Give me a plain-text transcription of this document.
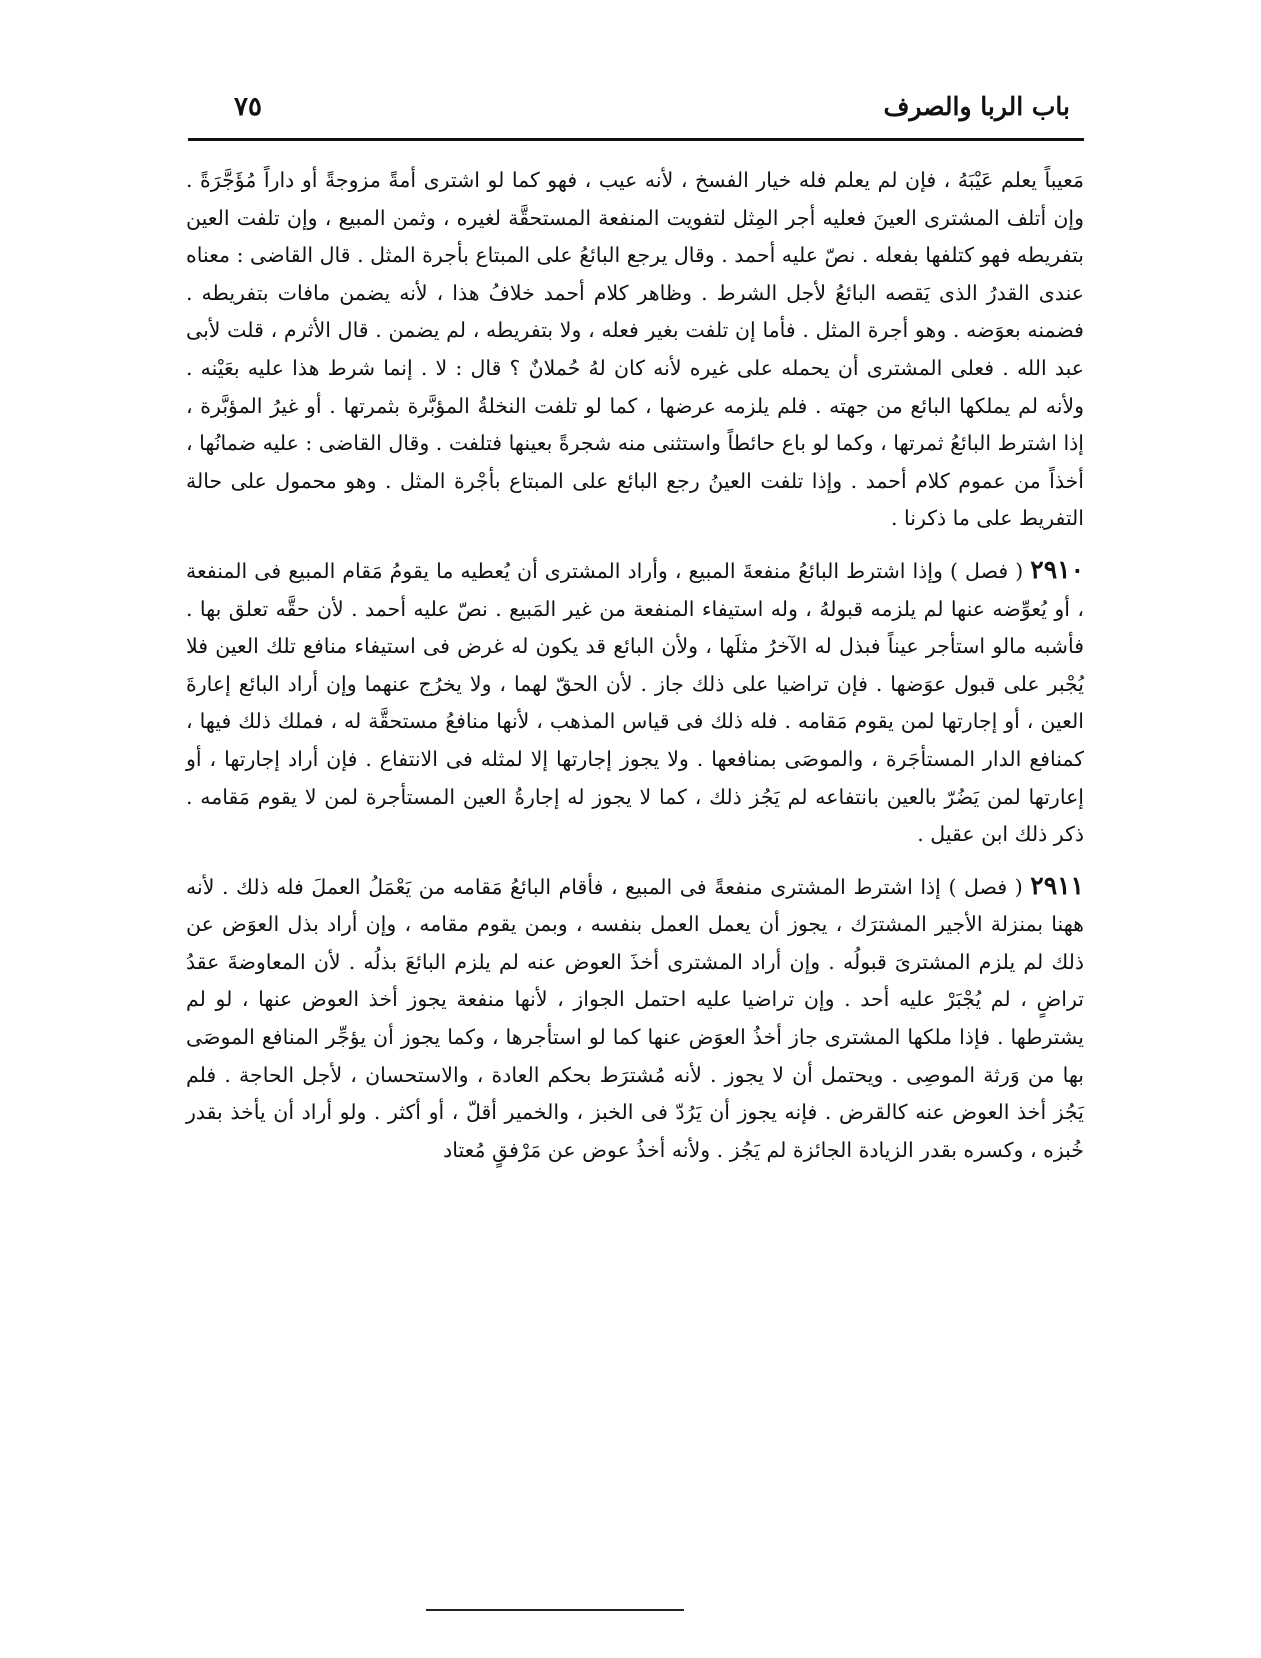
باب الربا والصرف
٧٥

مَعيباً يعلم عَيْبَهُ ، فإن لم يعلم فله خيار الفسخ ، لأنه عيب ، فهو كما لو اشترى أمةً مزوجةً أو داراً مُؤَجَّرَةً . وإن أتلف المشترى العينَ فعليه أجر المِثل لتفويت المنفعة المستحقَّة لغيره ، وثمن المبيع ، وإن تلفت العين بتفريطه فهو كتلفها بفعله . نصّ عليه أحمد . وقال يرجع البائعُ على المبتاع بأجرة المثل . قال القاضى : معناه عندى القدرُ الذى يَقصه البائعُ لأجل الشرط . وظاهر كلام أحمد خلافُ هذا ، لأنه يضمن مافات بتفريطه . فضمنه بعوَضه . وهو أجرة المثل . فأما إن تلفت بغير فعله ، ولا بتفريطه ، لم يضمن . قال الأثرم ، قلت لأبى عبد الله . فعلى المشترى أن يحمله على غيره لأنه كان لهُ حُملانٌ ؟ قال : لا . إنما شرط هذا عليه بعَيْنه . ولأنه لم يملكها البائع من جهته . فلم يلزمه عرضها ، كما لو تلفت النخلةُ المؤبَّرة بثمرتها . أو غيرُ المؤبَّرة ، إذا اشترط البائعُ ثمرتها ، وكما لو باع حائطاً واستثنى منه شجرةً بعينها فتلفت . وقال القاضى : عليه ضمانُها ، أخذاً من عموم كلام أحمد . وإذا تلفت العينُ رجع البائع على المبتاع بأجْرة المثل . وهو محمول على حالة التفريط على ما ذكرنا .

٢٩١٠ ( فصل ) وإذا اشترط البائعُ منفعةَ المبيع ، وأراد المشترى أن يُعطيه ما يقومُ مَقام المبيع فى المنفعة ، أو يُعوِّضه عنها لم يلزمه قبولهُ ، وله استيفاء المنفعة من غير المَبيع . نصّ عليه أحمد . لأن حقَّه تعلق بها . فأشبه مالو استأجر عيناً فبذل له الآخرُ مثلَها ، ولأن البائع قد يكون له غرض فى استيفاء منافع تلك العين فلا يُجْبر على قبول عوَضها . فإن تراضيا على ذلك جاز . لأن الحقّ لهما ، ولا يخرُج عنهما وإن أراد البائع إعارةَ العين ، أو إجارتها لمن يقوم مَقامه . فله ذلك فى قياس المذهب ، لأنها منافعُ مستحقَّة له ، فملك ذلك فيها ، كمنافع الدار المستأجَرة ، والموصَى بمنافعها . ولا يجوز إجارتها إلا لمثله فى الانتفاع . فإن أراد إجارتها ، أو إعارتها لمن يَضُرّ بالعين بانتفاعه لم يَجُز ذلك ، كما لا يجوز له إجارةُ العين المستأجرة لمن لا يقوم مَقامه . ذكر ذلك ابن عقيل .

٢٩١١ ( فصل ) إذا اشترط المشترى منفعةً فى المبيع ، فأقام البائعُ مَقامه من يَعْمَلُ العملَ فله ذلك . لأنه ههنا بمنزلة الأجير المشترَك ، يجوز أن يعمل العمل بنفسه ، وبمن يقوم مقامه ، وإن أراد بذل العوَض عن ذلك لم يلزم المشترىَ قبولُه . وإن أراد المشترى أخذَ العوض عنه لم يلزم البائعَ بذلُه . لأن المعاوضةَ عقدُ تراضٍ ، لم يُجْبَرْ عليه أحد . وإن تراضيا عليه احتمل الجواز ، لأنها منفعة يجوز أخذ العوض عنها ، لو لم يشترطها . فإذا ملكها المشترى جاز أخذُ العوَض عنها كما لو استأجرها ، وكما يجوز أن يؤجِّر المنافع الموصَى بها من وَرثة الموصِى . ويحتمل أن لا يجوز . لأنه مُشترَط بحكم العادة ، والاستحسان ، لأجل الحاجة . فلم يَجُز أخذ العوض عنه كالقرض . فإنه يجوز أن يَرُدّ فى الخبز ، والخمير أقلّ ، أو أكثر . ولو أراد أن يأخذ بقدر خُبزه ، وكسره بقدر الزيادة الجائزة لم يَجُز . ولأنه أخذُ عوض عن مَرْفقٍ مُعتاد
